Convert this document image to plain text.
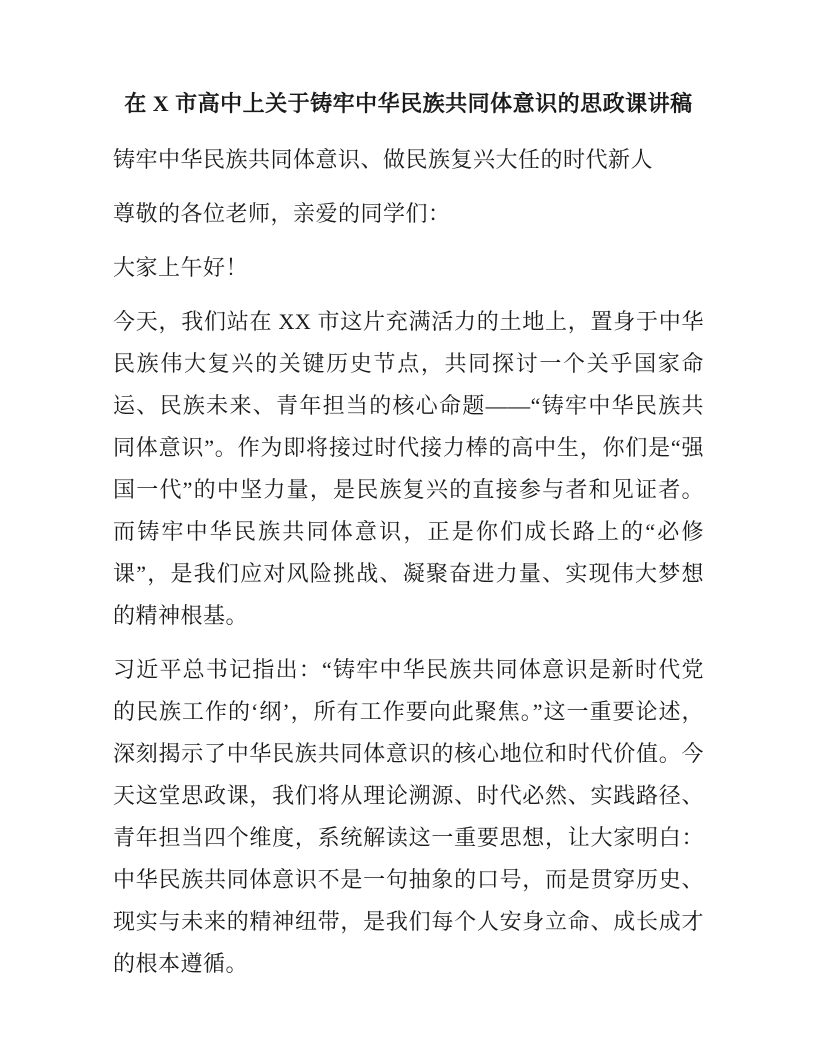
在 X 市高中上关于铸牢中华民族共同体意识的思政课讲稿

铸牢中华民族共同体意识、做民族复兴大任的时代新人

尊敬的各位老师，亲爱的同学们：

大家上午好！

今天，我们站在 XX 市这片充满活力的土地上，置身于中华民族伟大复兴的关键历史节点，共同探讨一个关乎国家命运、民族未来、青年担当的核心命题——“铸牢中华民族共同体意识”。作为即将接过时代接力棒的高中生，你们是“强国一代”的中坚力量，是民族复兴的直接参与者和见证者。而铸牢中华民族共同体意识，正是你们成长路上的“必修课”，是我们应对风险挑战、凝聚奋进力量、实现伟大梦想的精神根基。

习近平总书记指出：“铸牢中华民族共同体意识是新时代党的民族工作的‘纲’，所有工作要向此聚焦。”这一重要论述，深刻揭示了中华民族共同体意识的核心地位和时代价值。今天这堂思政课，我们将从理论溯源、时代必然、实践路径、青年担当四个维度，系统解读这一重要思想，让大家明白：中华民族共同体意识不是一句抽象的口号，而是贯穿历史、现实与未来的精神纽带，是我们每个人安身立命、成长成才的根本遵循。
